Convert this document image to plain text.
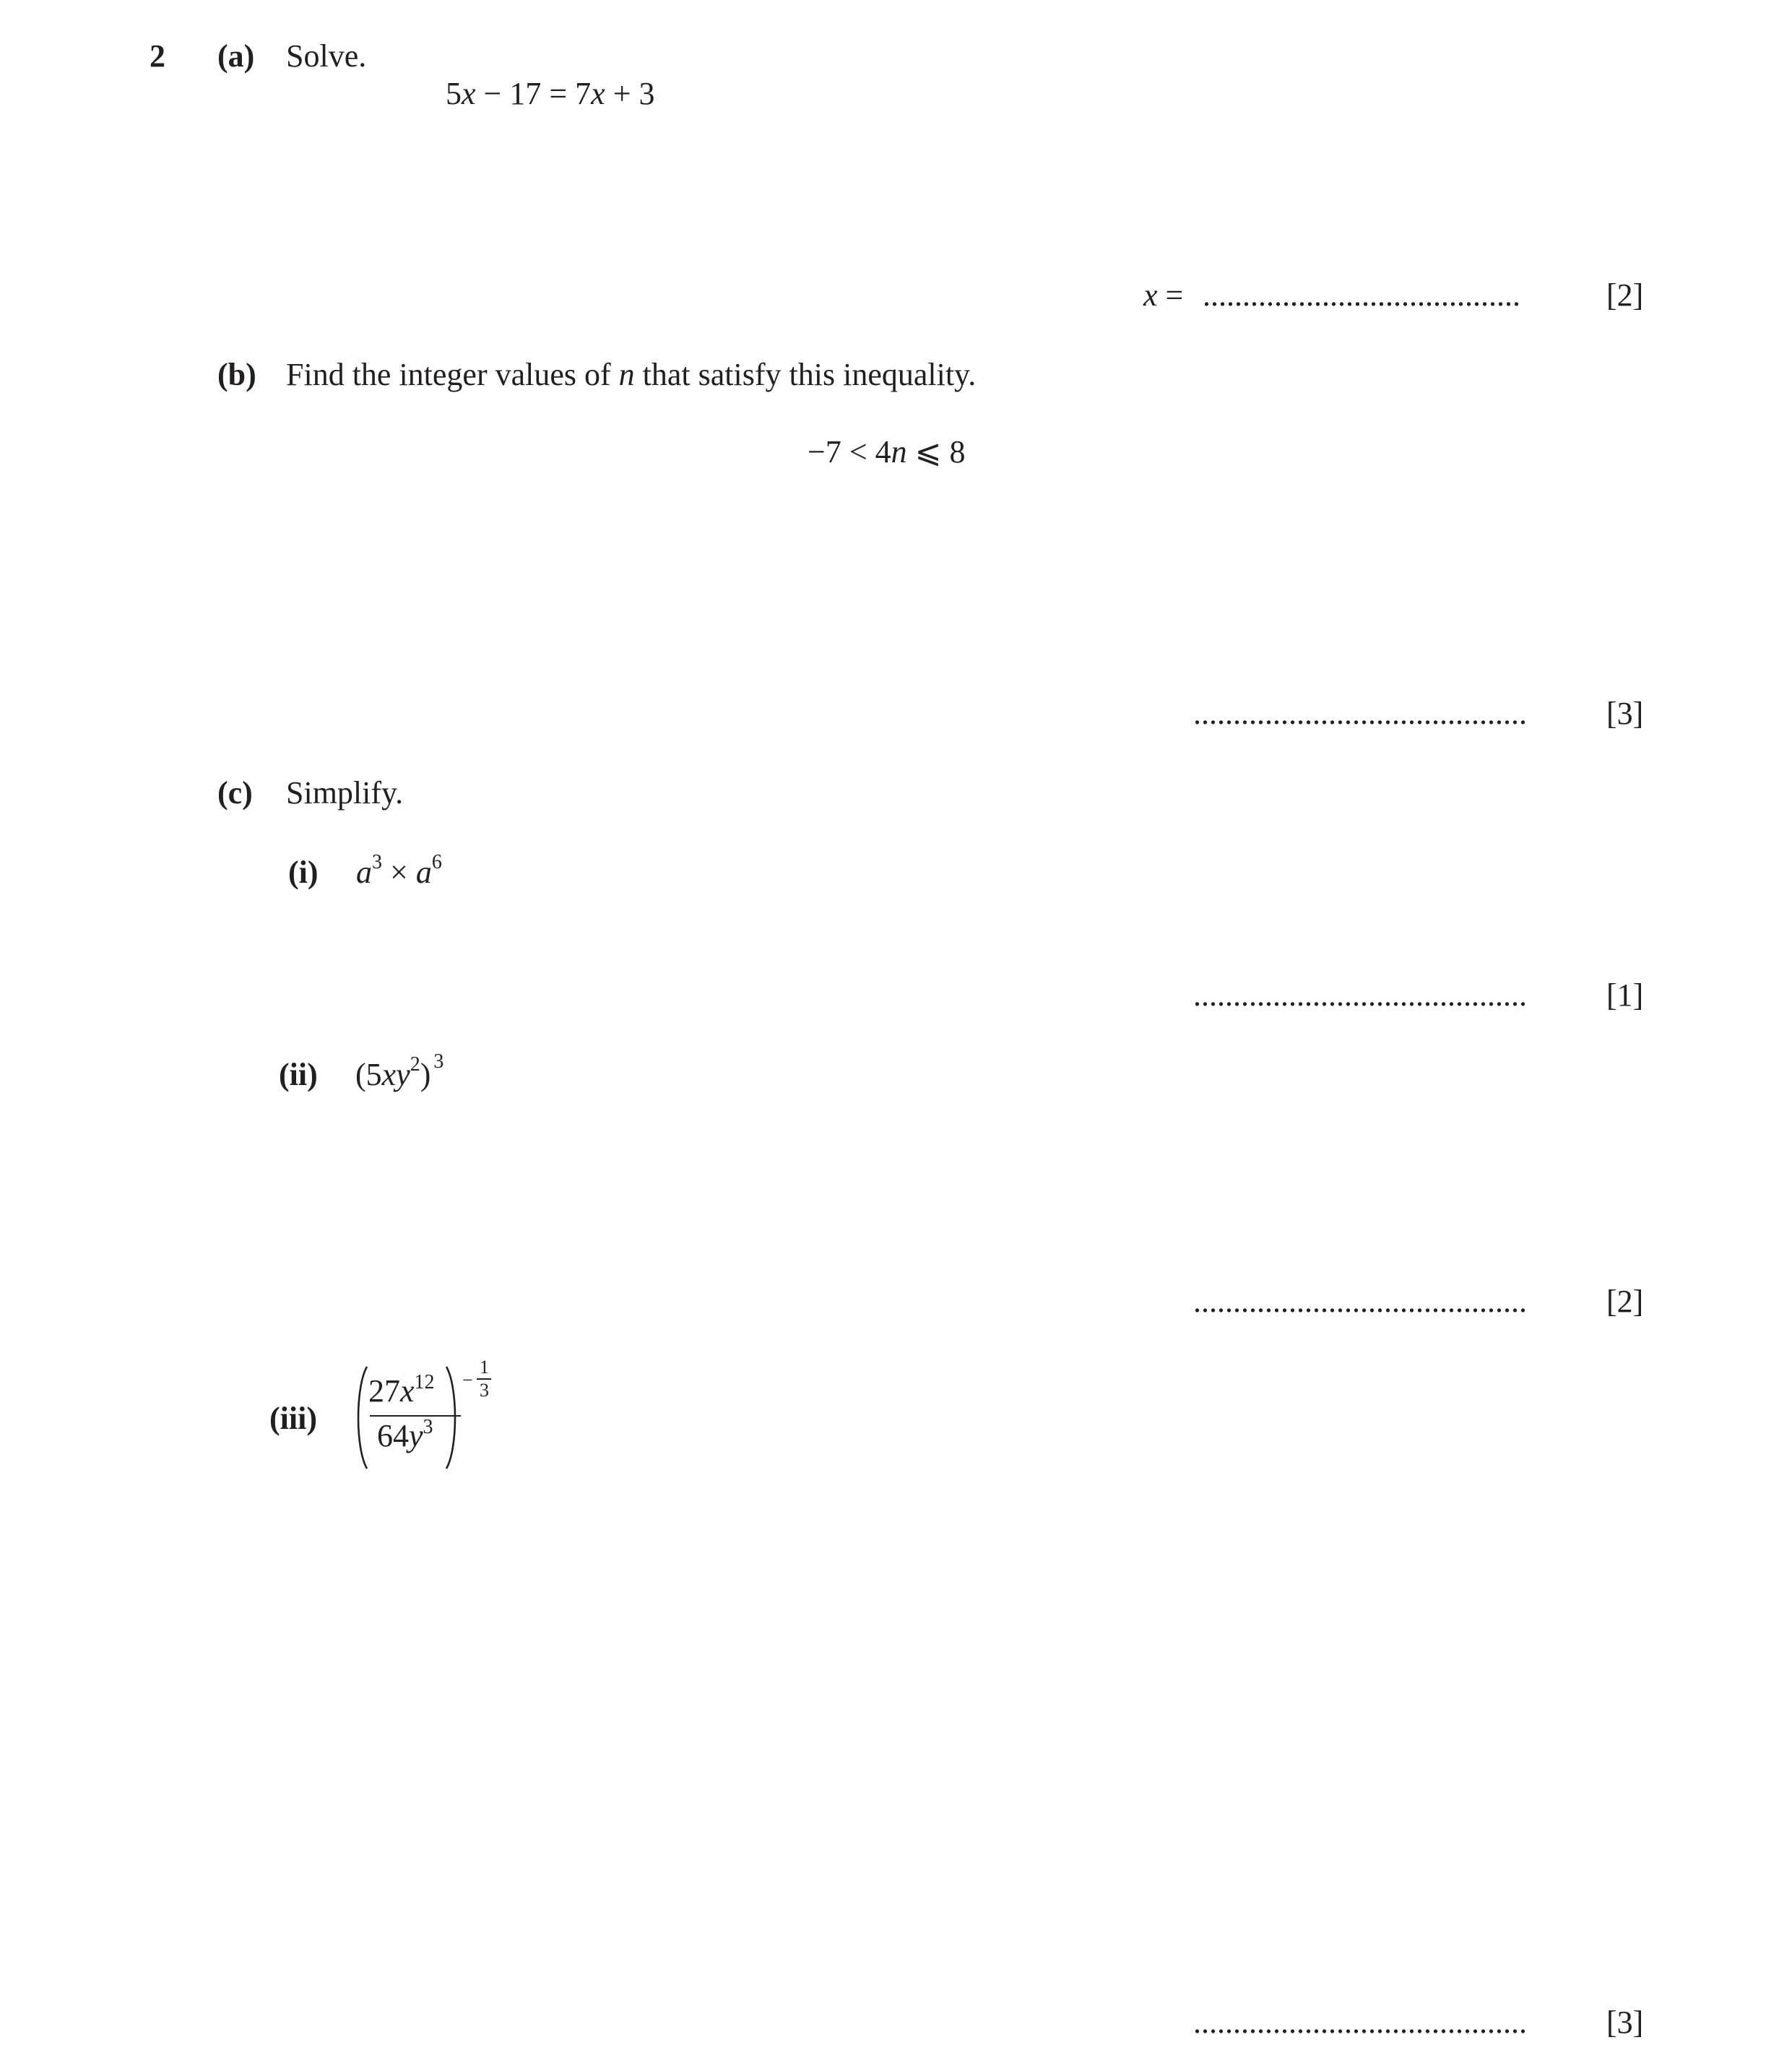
2 (a) Solve.
5x − 17 = 7x + 3
x = ........................................	[2]
(b) Find the integer values of n that satisfy this inequality.
−7 < 4n ⩽ 8
..........................................	[3]
(c) Simplify.
(i) $a^3 \times a^6$
..........................................	[1]
(ii) $(5xy^2)$ $^3$
..........................................	[2]
(iii)
$27x^{12}$
$64y^3$
−
1
3
..........................................	[3]
